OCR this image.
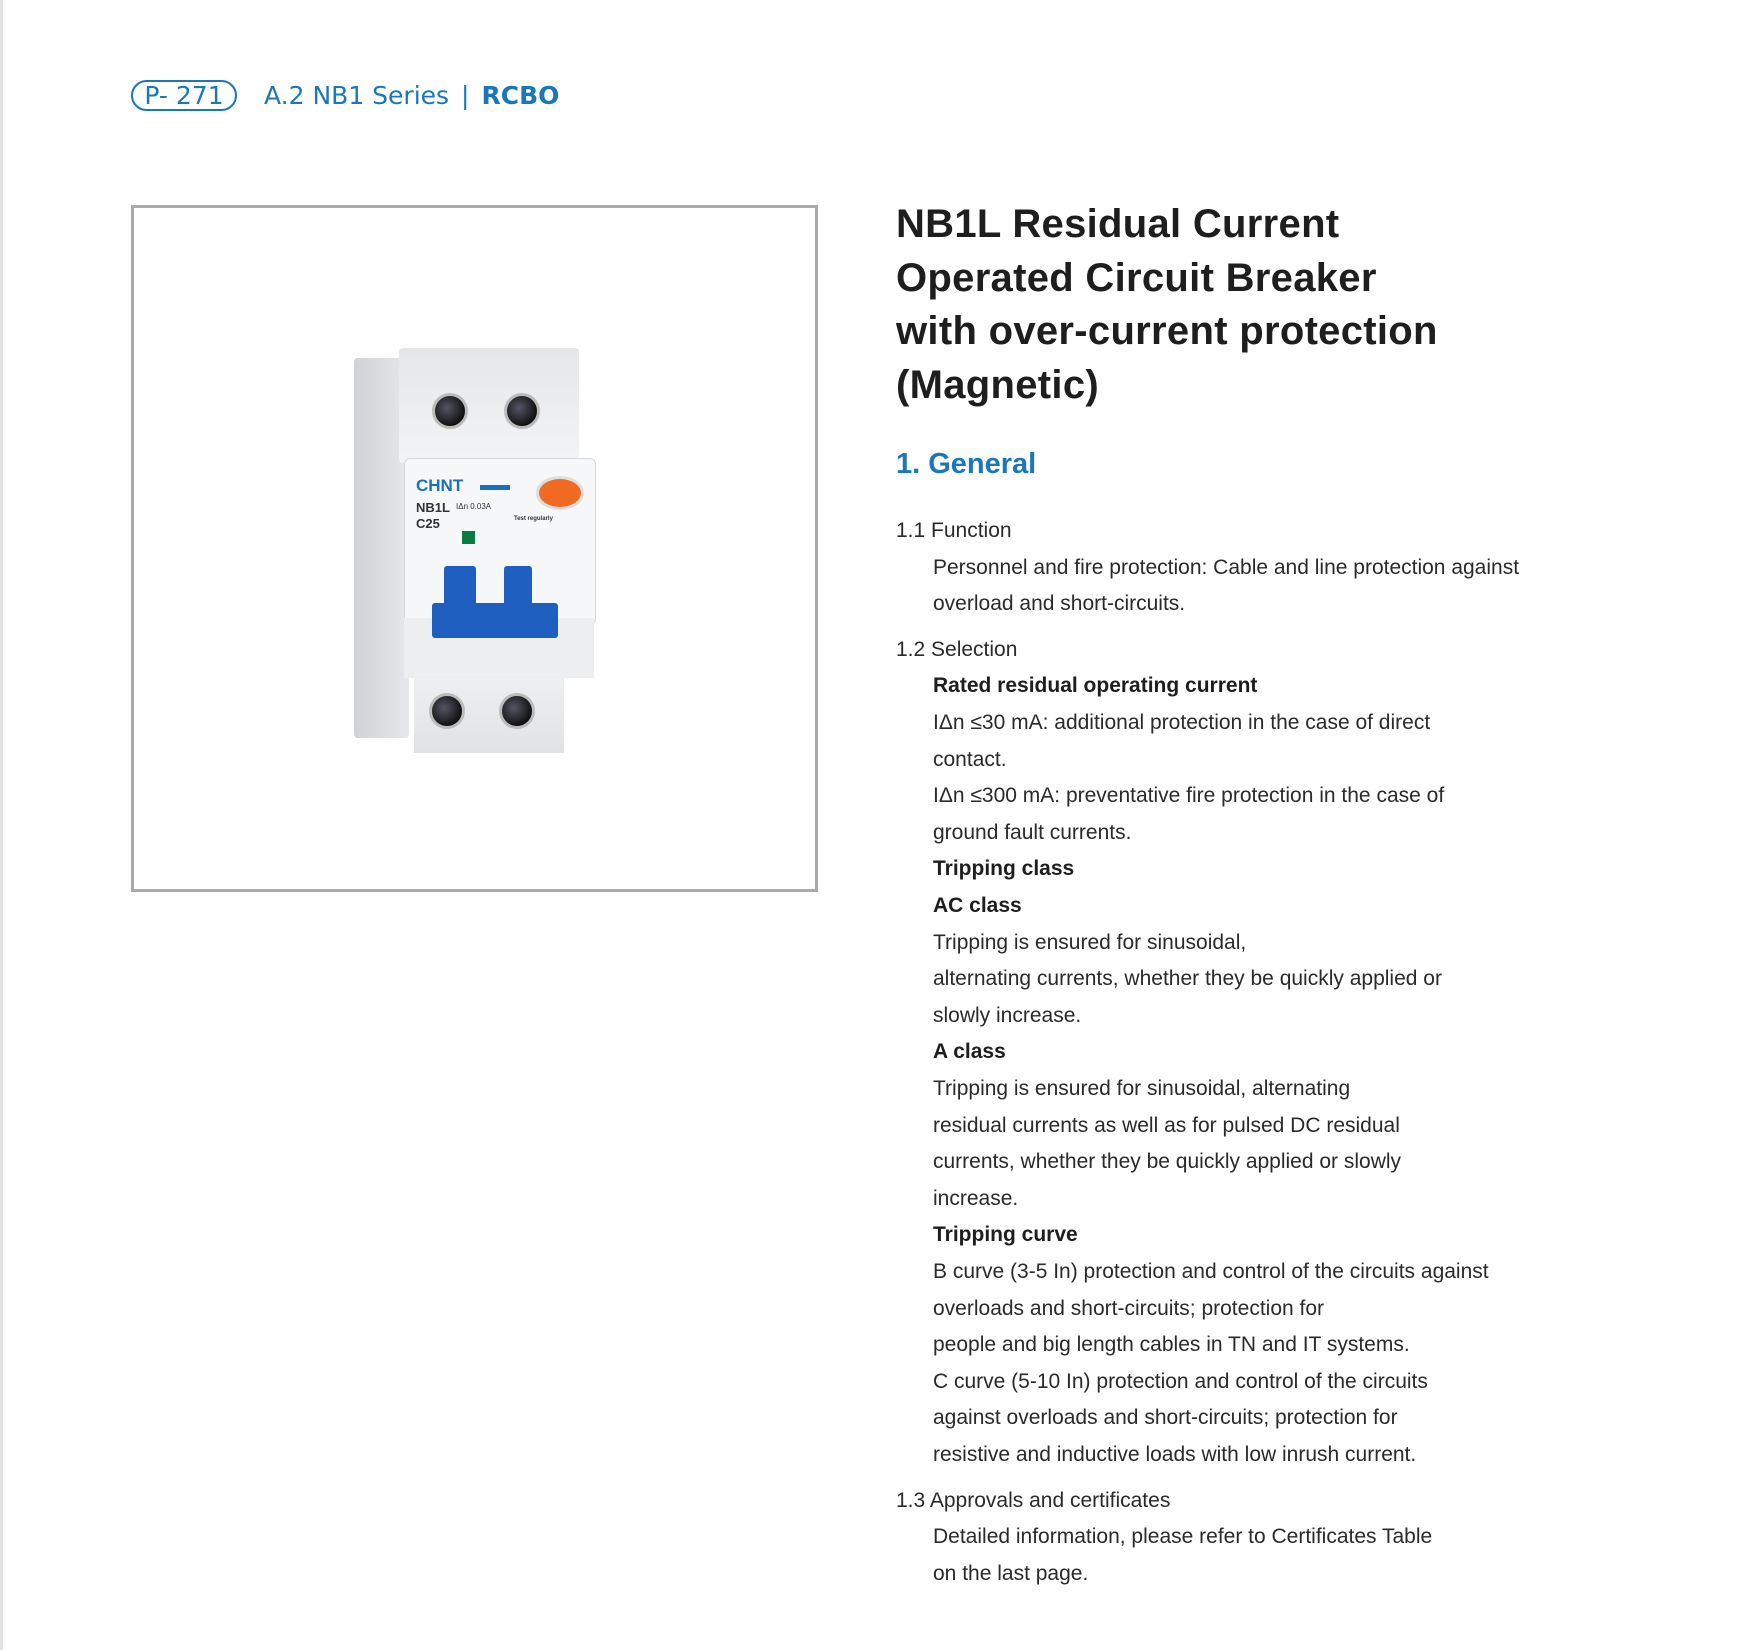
P- 271	A.2 NB1 Series | RCBO
CHNT
NB1L IΔn 0.03A
C25	Test regularly
NB1L Residual Current
Operated Circuit Breaker
with over-current protection
(Magnetic)
1. General
1.1 Function
Personnel and fire protection: Cable and line protection against
overload and short-circuits.
1.2 Selection
Rated residual operating current
IΔn ≤30 mA: additional protection in the case of direct
contact.
IΔn ≤300 mA: preventative fire protection in the case of
ground fault currents.
Tripping class
AC class
Tripping is ensured for sinusoidal,
alternating currents, whether they be quickly applied or
slowly increase.
A class
Tripping is ensured for sinusoidal, alternating
residual currents as well as for pulsed DC residual
currents, whether they be quickly applied or slowly
increase.
Tripping curve
B curve (3-5 In) protection and control of the circuits against
overloads and short-circuits; protection for
people and big length cables in TN and IT systems.
C curve (5-10 In) protection and control of the circuits
against overloads and short-circuits; protection for
resistive and inductive loads with low inrush current.
1.3 Approvals and certificates
Detailed information, please refer to Certificates Table
on the last page.
